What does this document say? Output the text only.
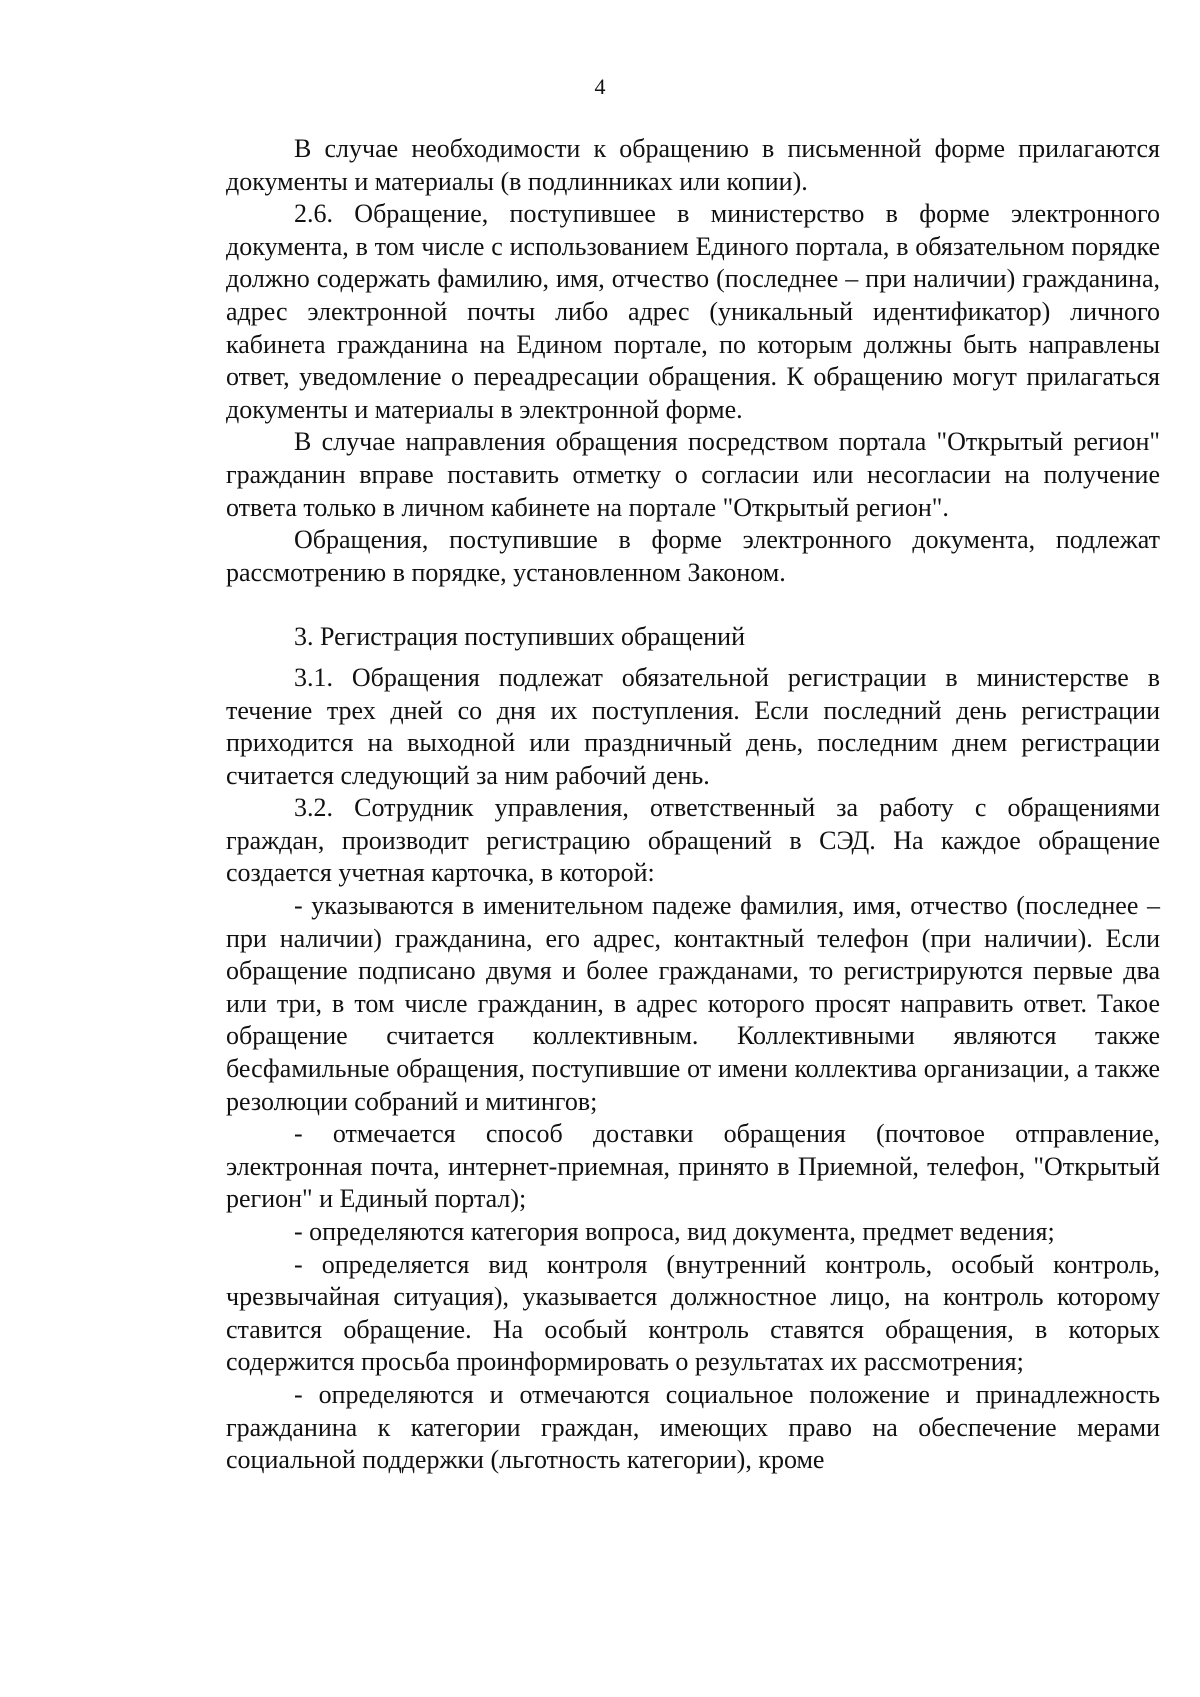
4

В случае необходимости к обращению в письменной форме прилагаются документы и материалы (в подлинниках или копии).

2.6. Обращение, поступившее в министерство в форме электронного документа, в том числе с использованием Единого портала, в обязательном порядке должно содержать фамилию, имя, отчество (последнее – при наличии) гражданина, адрес электронной почты либо адрес (уникальный идентификатор) личного кабинета гражданина на Едином портале, по которым должны быть направлены ответ, уведомление о переадресации обращения. К обращению могут прилагаться документы и материалы в электронной форме.

В случае направления обращения посредством портала "Открытый регион" гражданин вправе поставить отметку о согласии или несогласии на получение ответа только в личном кабинете на портале "Открытый регион".

Обращения, поступившие в форме электронного документа, подлежат рассмотрению в порядке, установленном Законом.

3. Регистрация поступивших обращений

3.1. Обращения подлежат обязательной регистрации в министерстве в течение трех дней со дня их поступления. Если последний день регистрации приходится на выходной или праздничный день, последним днем регистрации считается следующий за ним рабочий день.

3.2. Сотрудник управления, ответственный за работу с обращениями граждан, производит регистрацию обращений в СЭД. На каждое обращение создается учетная карточка, в которой:

- указываются в именительном падеже фамилия, имя, отчество (последнее – при наличии) гражданина, его адрес, контактный телефон (при наличии). Если обращение подписано двумя и более гражданами, то регистрируются первые два или три, в том числе гражданин, в адрес которого просят направить ответ. Такое обращение считается коллективным. Коллективными являются также бесфамильные обращения, поступившие от имени коллектива организации, а также резолюции собраний и митингов;

- отмечается способ доставки обращения (почтовое отправление, электронная почта, интернет-приемная, принято в Приемной, телефон, "Открытый регион" и Единый портал);

- определяются категория вопроса, вид документа, предмет ведения;

- определяется вид контроля (внутренний контроль, особый контроль, чрезвычайная ситуация), указывается должностное лицо, на контроль которому ставится обращение. На особый контроль ставятся обращения, в которых содержится просьба проинформировать о результатах их рассмотрения;

- определяются и отмечаются социальное положение и принадлежность гражданина к категории граждан, имеющих право на обеспечение мерами социальной поддержки (льготность категории), кроме
